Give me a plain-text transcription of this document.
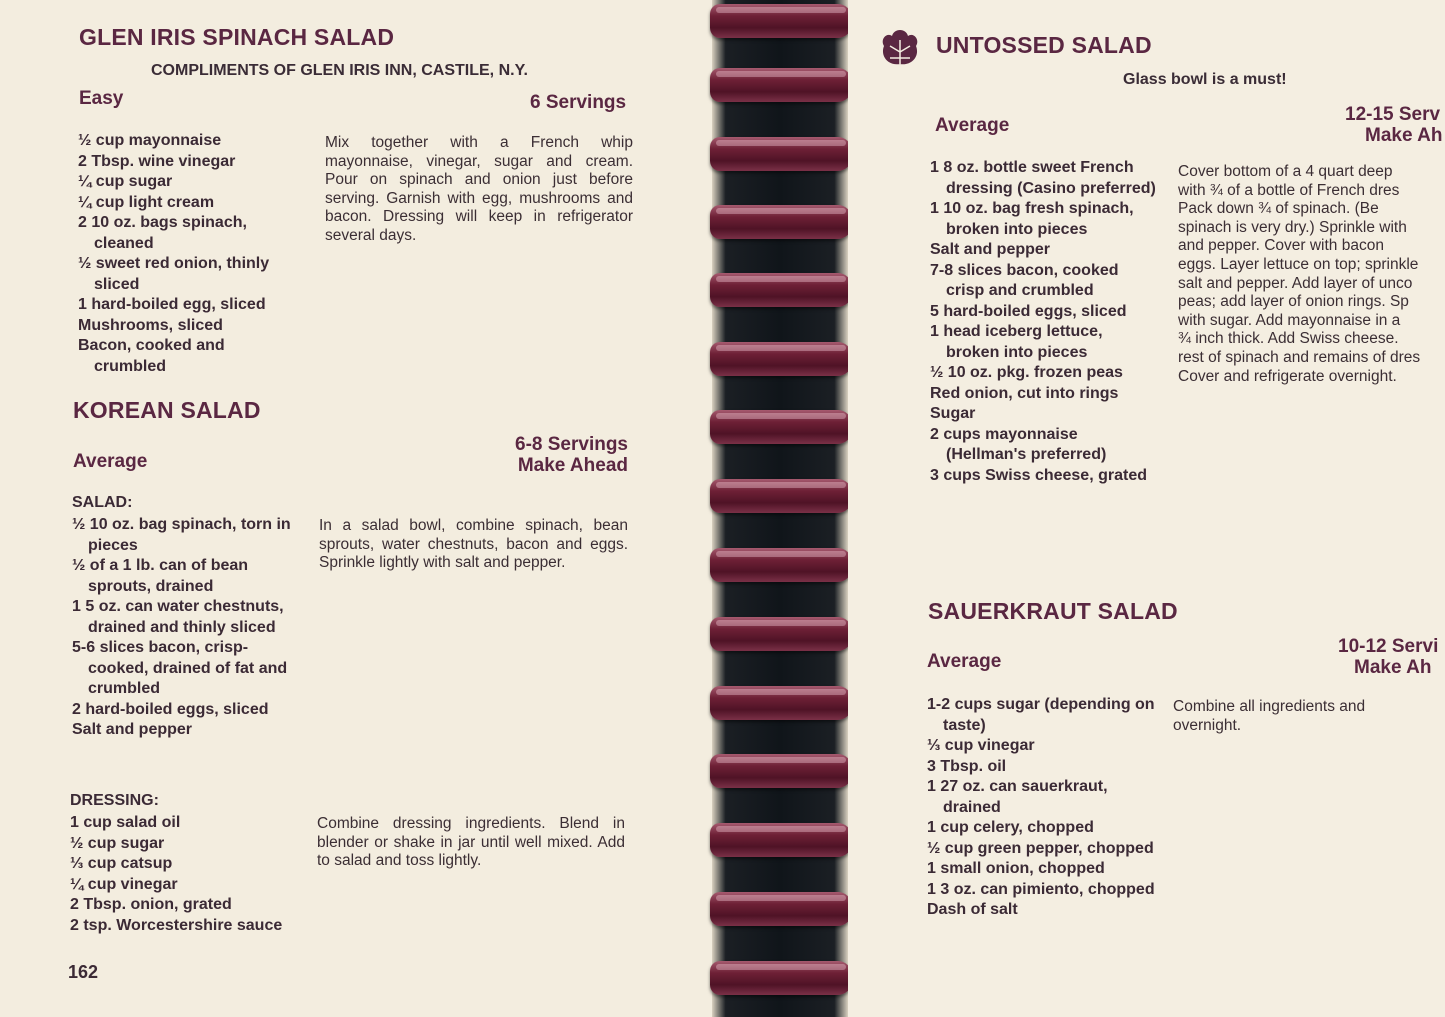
GLEN IRIS SPINACH SALAD
COMPLIMENTS OF GLEN IRIS INN, CASTILE, N.Y.
Easy	6 Servings
½ cup mayonnaise
2 Tbsp. wine vinegar
¼ cup sugar
¼ cup light cream
2 10 oz. bags spinach, cleaned
½ sweet red onion, thinly sliced
1 hard-boiled egg, sliced
Mushrooms, sliced
Bacon, cooked and crumbled
Mix together with a French whip mayonnaise, vinegar, sugar and cream. Pour on spinach and onion just before serving. Garnish with egg, mushrooms and bacon. Dressing will keep in refrigerator several days.
KOREAN SALAD
Average
6-8 Servings
Make Ahead
SALAD:
½ 10 oz. bag spinach, torn in pieces
½ of a 1 lb. can of bean sprouts, drained
1 5 oz. can water chestnuts, drained and thinly sliced
5-6 slices bacon, crisp-cooked, drained of fat and crumbled
2 hard-boiled eggs, sliced
Salt and pepper
In a salad bowl, combine spinach, bean sprouts, water chestnuts, bacon and eggs. Sprinkle lightly with salt and pepper.
DRESSING:
1 cup salad oil
½ cup sugar
⅓ cup catsup
¼ cup vinegar
2 Tbsp. onion, grated
2 tsp. Worcestershire sauce
Combine dressing ingredients. Blend in blender or shake in jar until well mixed. Add to salad and toss lightly.
162
UNTOSSED SALAD
Glass bowl is a must!
Average
12-15 Serv
Make Ah
1 8 oz. bottle sweet French dressing (Casino preferred)
1 10 oz. bag fresh spinach, broken into pieces
Salt and pepper
7-8 slices bacon, cooked crisp and crumbled
5 hard-boiled eggs, sliced
1 head iceberg lettuce, broken into pieces
½ 10 oz. pkg. frozen peas
Red onion, cut into rings
Sugar
2 cups mayonnaise (Hellman's preferred)
3 cups Swiss cheese, grated
Cover bottom of a 4 quart deep
with ¾ of a bottle of French dres
Pack down ¾ of spinach. (Be
spinach is very dry.) Sprinkle with
and pepper. Cover with bacon
eggs. Layer lettuce on top; sprinkle
salt and pepper. Add layer of unco
peas; add layer of onion rings. Sp
with sugar. Add mayonnaise in a
¾ inch thick. Add Swiss cheese.
rest of spinach and remains of dres
Cover and refrigerate overnight.
SAUERKRAUT SALAD
Average
10-12 Servi
Make Ah
1-2 cups sugar (depending on taste)
⅓ cup vinegar
3 Tbsp. oil
1 27 oz. can sauerkraut, drained
1 cup celery, chopped
½ cup green pepper, chopped
1 small onion, chopped
1 3 oz. can pimiento, chopped
Dash of salt
Combine all ingredients and
overnight.
